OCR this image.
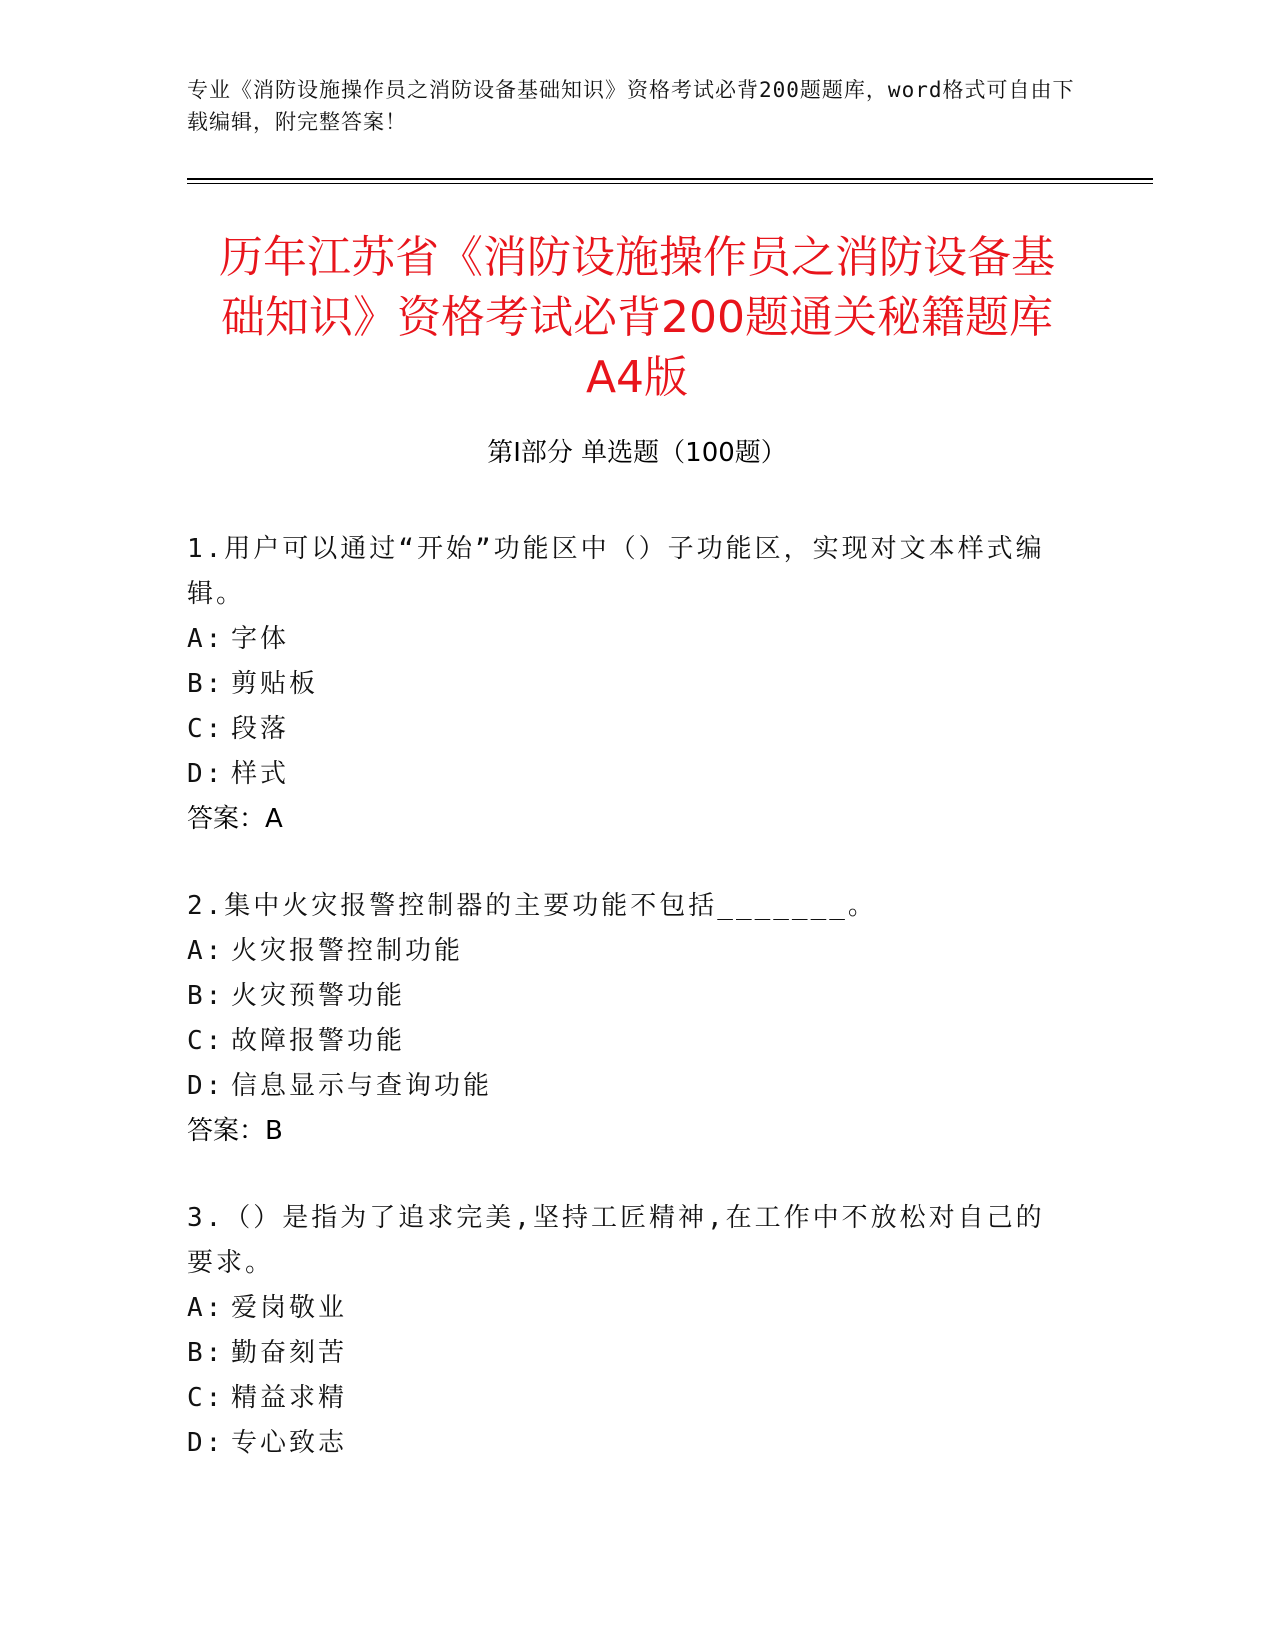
专业《消防设施操作员之消防设备基础知识》资格考试必背200题题库，word格式可自由下载编辑，附完整答案！
历年江苏省《消防设施操作员之消防设备基
础知识》资格考试必背200题通关秘籍题库
A4版
第I部分 单选题（100题）
1.用户可以通过“开始”功能区中（）子功能区，实现对文本样式编辑。
A: 字体
B: 剪贴板
C: 段落
D: 样式
答案：A
2.集中火灾报警控制器的主要功能不包括_______。
A: 火灾报警控制功能
B: 火灾预警功能
C: 故障报警功能
D: 信息显示与查询功能
答案：B
3.（）是指为了追求完美,坚持工匠精神,在工作中不放松对自己的要求。
A: 爱岗敬业
B: 勤奋刻苦
C: 精益求精
D: 专心致志
